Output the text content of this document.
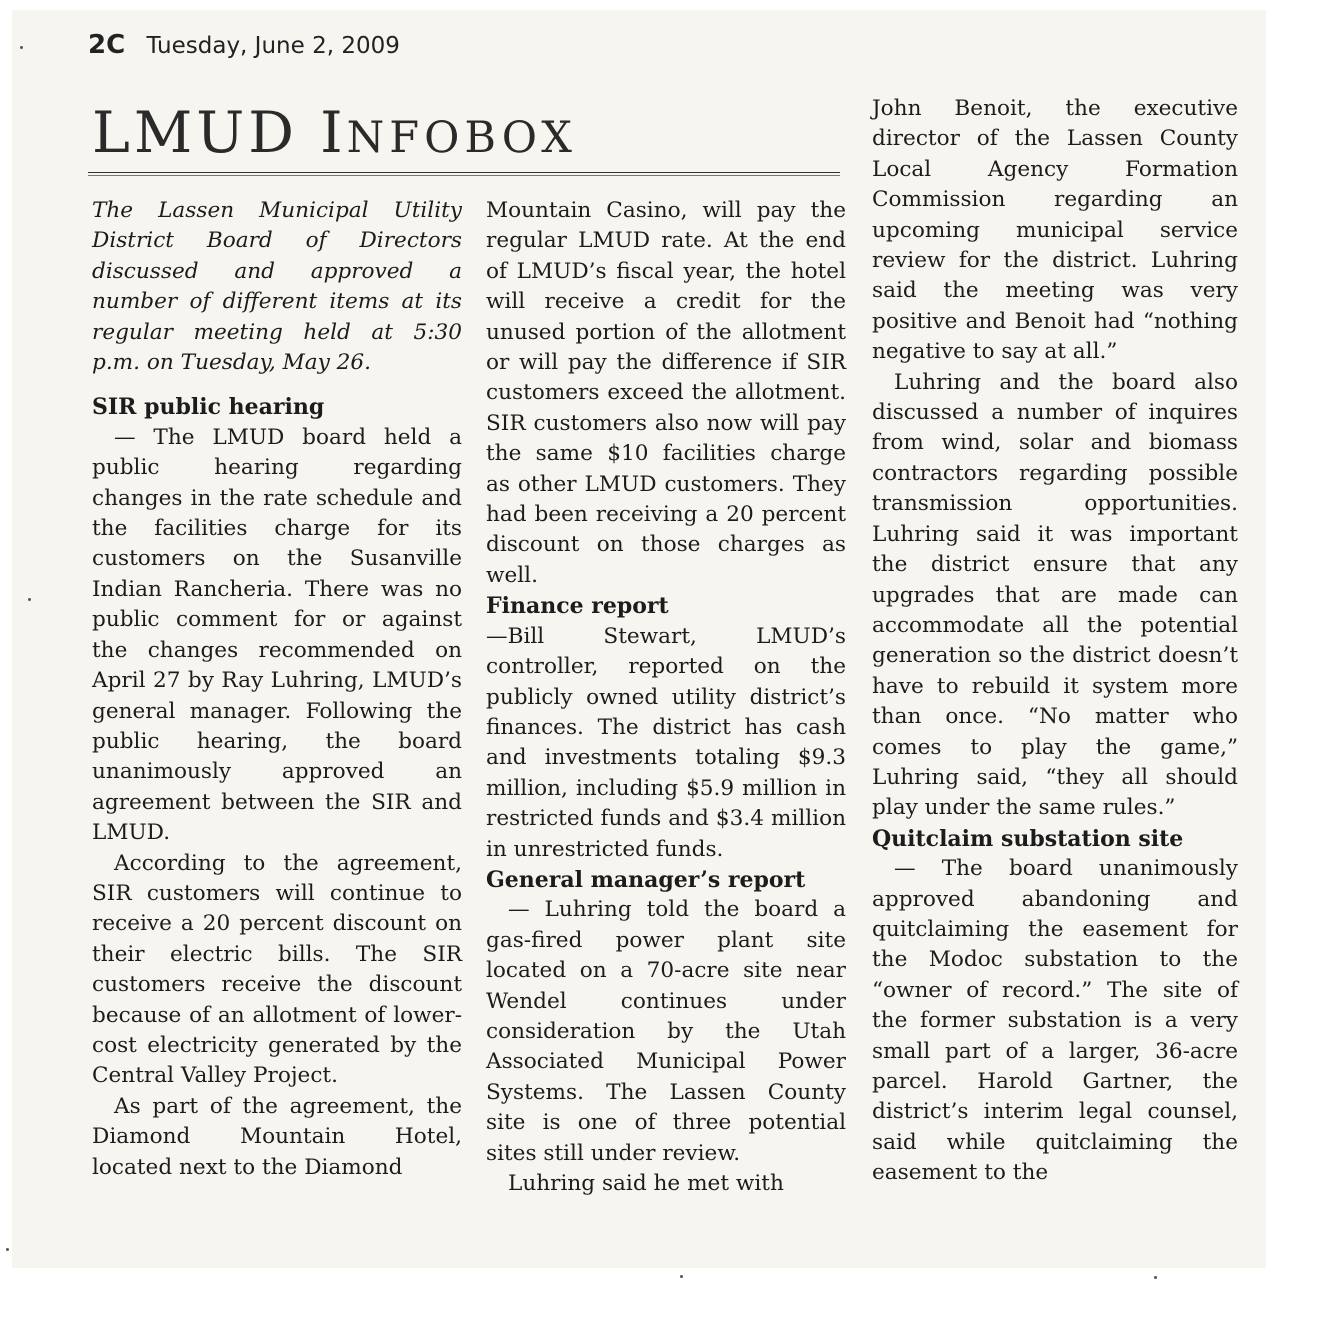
2C Tuesday, June 2, 2009
LMUD INFOBOX

The Lassen Municipal Utility District Board of Directors discussed and approved a number of different items at its regular meeting held at 5:30 p.m. on Tuesday, May 26.

SIR public hearing

— The LMUD board held a public hearing regarding changes in the rate schedule and the facilities charge for its customers on the Susanville Indian Rancheria. There was no public comment for or against the changes recommended on April 27 by Ray Luhring, LMUD’s general manager. Following the public hearing, the board unanimously approved an agreement between the SIR and LMUD.

According to the agreement, SIR customers will continue to receive a 20 percent discount on their electric bills. The SIR customers receive the discount because of an allotment of lower-cost electricity generated by the Central Valley Project.

As part of the agreement, the Diamond Mountain Hotel, located next to the Diamond

Mountain Casino, will pay the regular LMUD rate. At the end of LMUD’s fiscal year, the hotel will receive a credit for the unused portion of the allotment or will pay the difference if SIR customers exceed the allotment. SIR customers also now will pay the same $10 facilities charge as other LMUD customers. They had been receiving a 20 percent discount on those charges as well.

Finance report

—Bill Stewart, LMUD’s controller, reported on the publicly owned utility district’s finances. The district has cash and investments totaling $9.3 million, including $5.9 million in restricted funds and $3.4 million in unrestricted funds.

General manager’s report

— Luhring told the board a gas-fired power plant site located on a 70-acre site near Wendel continues under consideration by the Utah Associated Municipal Power Systems. The Lassen County site is one of three potential sites still under review.

Luhring said he met with

John Benoit, the executive director of the Lassen County Local Agency Formation Commission regarding an upcoming municipal service review for the district. Luhring said the meeting was very positive and Benoit had “nothing negative to say at all.”

Luhring and the board also discussed a number of inquires from wind, solar and biomass contractors regarding possible transmission opportunities. Luhring said it was important the district ensure that any upgrades that are made can accommodate all the potential generation so the district doesn’t have to rebuild it system more than once. “No matter who comes to play the game,” Luhring said, “they all should play under the same rules.”

Quitclaim substation site

— The board unanimously approved abandoning and quitclaiming the easement for the Modoc substation to the “owner of record.” The site of the former substation is a very small part of a larger, 36-acre parcel. Harold Gartner, the district’s interim legal counsel, said while quitclaiming the easement to the
